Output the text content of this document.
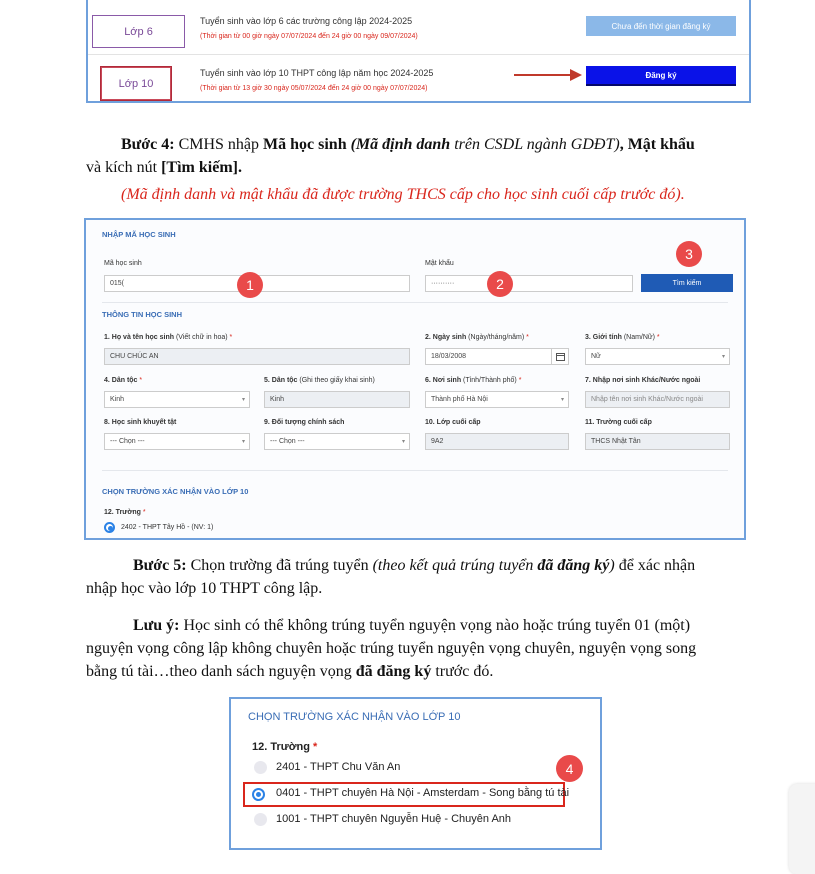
Lớp 6
Tuyển sinh vào lớp 6 các trường công lập 2024-2025
(Thời gian từ 00 giờ ngày 07/07/2024 đến 24 giờ 00 ngày 09/07/2024)
Chưa đến thời gian đăng ký
Lớp 10
Tuyển sinh vào lớp 10 THPT công lập năm học 2024-2025
(Thời gian từ 13 giờ 30 ngày 05/07/2024 đến 24 giờ 00 ngày 07/07/2024)
Đăng ký
Bước 4: CMHS nhập Mã học sinh (Mã định danh trên CSDL ngành GDĐT), Mật khẩu
và kích nút [Tìm kiếm].
(Mã định danh và mật khẩu đã được trường THCS cấp cho học sinh cuối cấp trước đó).
NHẬP MÃ HỌC SINH
Mã học sinh
015(
Mật khẩu
··········	Tìm kiếm
1	2
3
THÔNG TIN HỌC SINH
1. Họ và tên học sinh (Viết chữ in hoa) *
CHU CHÚC AN
2. Ngày sinh (Ngày/tháng/năm) *
18/03/2008
3. Giới tính (Nam/Nữ) *
Nữ	▾
4. Dân tộc *
Kinh	▾
5. Dân tộc (Ghi theo giấy khai sinh)
Kinh
6. Nơi sinh (Tỉnh/Thành phố) *
Thành phố Hà Nội	▾
7. Nhập nơi sinh Khác/Nước ngoài
Nhập tên nơi sinh Khác/Nước ngoài
8. Học sinh khuyết tật
--- Chọn ---	▾
9. Đối tượng chính sách
--- Chọn ---	▾
10. Lớp cuối cấp
9A2
11. Trường cuối cấp
THCS Nhật Tân
CHỌN TRƯỜNG XÁC NHẬN VÀO LỚP 10
12. Trường *
2402 - THPT Tây Hồ - (NV: 1)
Bước 5: Chọn trường đã trúng tuyển (theo kết quả trúng tuyển đã đăng ký) để xác nhận
nhập học vào lớp 10 THPT công lập.
Lưu ý: Học sinh có thể không trúng tuyển nguyện vọng nào hoặc trúng tuyển 01 (một)
nguyện vọng công lập không chuyên hoặc trúng tuyển nguyện vọng chuyên, nguyện vọng song
bằng tú tài…theo danh sách nguyện vọng đã đăng ký trước đó.
CHỌN TRƯỜNG XÁC NHẬN VÀO LỚP 10
12. Trường *
2401 - THPT Chu Văn An
0401 - THPT chuyên Hà Nội - Amsterdam - Song bằng tú tài
1001 - THPT chuyên Nguyễn Huệ - Chuyên Anh
4
